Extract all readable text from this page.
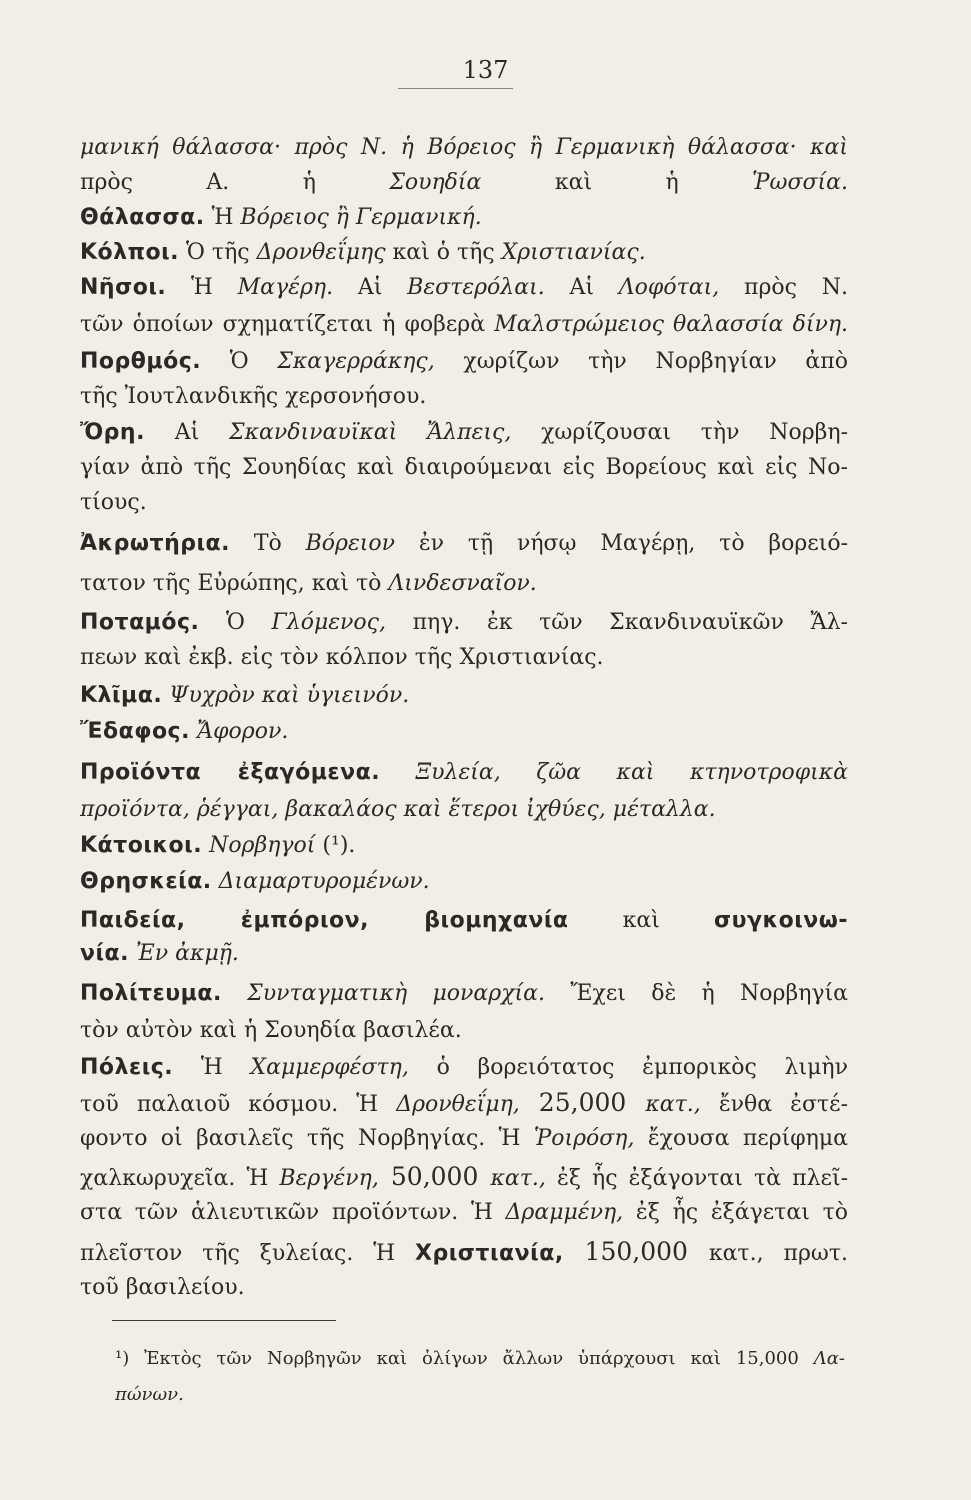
137
μανική θάλασσα· πρὸς Ν. ἡ Βόρειος ἢ Γερμανικὴ θάλασσα· καὶ
πρὸς Α. ἡ Σουηδία καὶ ἡ Ῥωσσία.
Θάλασσα. Ἡ Βόρειος ἢ Γερμανική.
Κόλποι. Ὁ τῆς Δρονθεΐμης καὶ ὁ τῆς Χριστιανίας.
Νῆσοι. Ἡ Μαγέρη. Αἱ Βεστερόλαι. Αἱ Λοφόται, πρὸς Ν.
τῶν ὁποίων σχηματίζεται ἡ φοβερὰ Μαλστρώμειος θαλασσία δίνη.
Πορθμός. Ὁ Σκαγερράκης, χωρίζων τὴν Νορβηγίαν ἀπὸ
τῆς Ἰουτλανδικῆς χερσονήσου.
Ὄρη. Αἱ Σκανδιναυϊκαὶ Ἄλπεις, χωρίζουσαι τὴν Νορβη-
γίαν ἀπὸ τῆς Σουηδίας καὶ διαιρούμεναι εἰς Βορείους καὶ εἰς Νο-
τίους.
Ἀκρωτήρια. Τὸ Βόρειον ἐν τῇ νήσῳ Μαγέρῃ, τὸ βορειό-
τατον τῆς Εὐρώπης, καὶ τὸ Λινδεσναῖον.
Ποταμός. Ὁ Γλόμενος, πηγ. ἐκ τῶν Σκανδιναυϊκῶν Ἄλ-
πεων καὶ ἐκβ. εἰς τὸν κόλπον τῆς Χριστιανίας.
Κλῖμα. Ψυχρὸν καὶ ὑγιεινόν.
Ἔδαφος. Ἄφορον.
Προϊόντα ἐξαγόμενα. Ξυλεία, ζῶα καὶ κτηνοτροφικὰ
προϊόντα, ῥέγγαι, βακαλάος καὶ ἕτεροι ἰχθύες, μέταλλα.
Κάτοικοι. Νορβηγοί (¹).
Θρησκεία. Διαμαρτυρομένων.
Παιδεία, ἐμπόριον, βιομηχανία καὶ συγκοινω-
νία. Ἐν ἀκμῇ.
Πολίτευμα. Συνταγματικὴ μοναρχία. Ἔχει δὲ ἡ Νορβηγία
τὸν αὐτὸν καὶ ἡ Σουηδία βασιλέα.
Πόλεις. Ἡ Χαμμερφέστη, ὁ βορειότατος ἐμπορικὸς λιμὴν
τοῦ παλαιοῦ κόσμου. Ἡ Δρονθεΐμη, 25,000 κατ., ἔνθα ἐστέ-
φοντο οἱ βασιλεῖς τῆς Νορβηγίας. Ἡ Ῥοιρόση, ἔχουσα περίφημα
χαλκωρυχεῖα. Ἡ Βεργένη, 50,000 κατ., ἐξ ἧς ἐξάγονται τὰ πλεῖ-
στα τῶν ἁλιευτικῶν προϊόντων. Ἡ Δραμμένη, ἐξ ἧς ἐξάγεται τὸ
πλεῖστον τῆς ξυλείας. Ἡ Χριστιανία, 150,000 κατ., πρωτ.
τοῦ βασιλείου.
¹) Ἐκτὸς τῶν Νορβηγῶν καὶ ὀλίγων ἄλλων ὑπάρχουσι καὶ 15,000 Λα-
πώνων.
